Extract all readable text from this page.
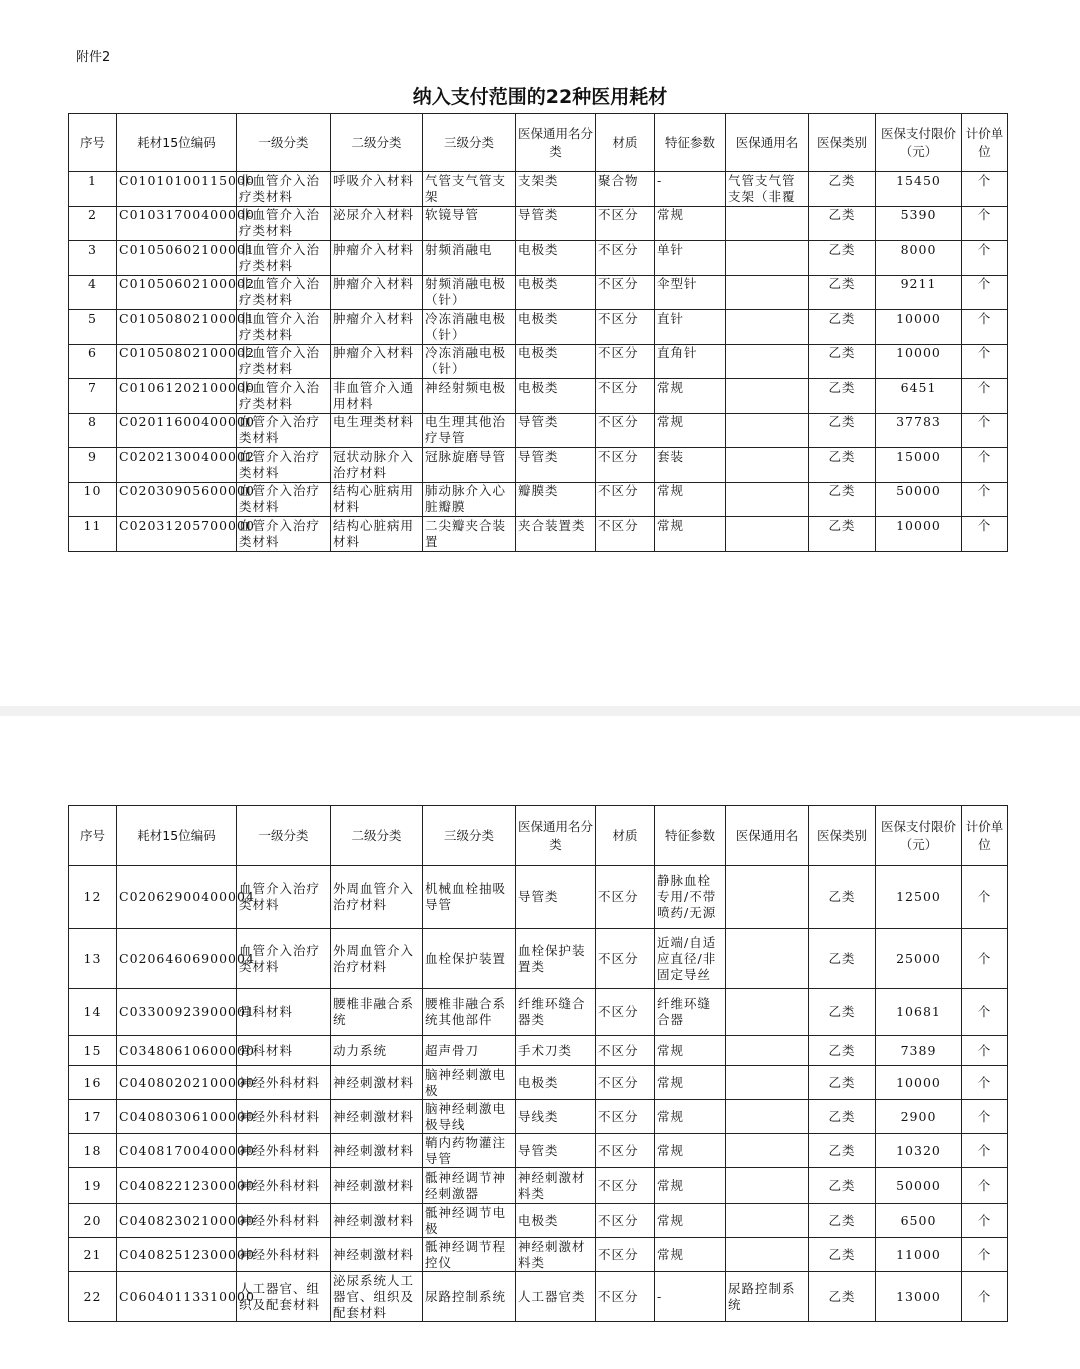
附件2
纳入支付范围的22种医用耗材
序号	耗材15位编码	一级分类	二级分类	三级分类	医保通用名分类	材质	特征参数	医保通用名	医保类别	医保支付限价（元）	计价单位

1	C01010100115000	非血管介入治疗类材料	呼吸介入材料	气管支气管支架	支架类	聚合物	-	气管支气管支架（非覆	乙类	15450	个

2	C01031700400000	非血管介入治疗类材料	泌尿介入材料	软镜导管	导管类	不区分	常规		乙类	5390	个

3	C01050602100001	非血管介入治疗类材料	肿瘤介入材料	射频消融电	电极类	不区分	单针		乙类	8000	个

4	C01050602100002	非血管介入治疗类材料	肿瘤介入材料	射频消融电极（针）	电极类	不区分	伞型针		乙类	9211	个

5	C01050802100001	非血管介入治疗类材料	肿瘤介入材料	冷冻消融电极（针）	电极类	不区分	直针		乙类	10000	个

6	C01050802100002	非血管介入治疗类材料	肿瘤介入材料	冷冻消融电极（针）	电极类	不区分	直角针		乙类	10000	个

7	C01061202100000	非血管介入治疗类材料	非血管介入通用材料	神经射频电极	电极类	不区分	常规		乙类	6451	个

8	C02011600400000	血管介入治疗类材料	电生理类材料	电生理其他治疗导管	导管类	不区分	常规		乙类	37783	个

9	C02021300400002	血管介入治疗类材料	冠状动脉介入治疗材料	冠脉旋磨导管	导管类	不区分	套装		乙类	15000	个

10	C02030905600000	血管介入治疗类材料	结构心脏病用材料	肺动脉介入心脏瓣膜	瓣膜类	不区分	常规		乙类	50000	个

11	C02031205700000	血管介入治疗类材料	结构心脏病用材料	二尖瓣夹合装置	夹合装置类	不区分	常规		乙类	10000	个
序号	耗材15位编码	一级分类	二级分类	三级分类	医保通用名分类	材质	特征参数	医保通用名	医保类别	医保支付限价（元）	计价单位
12	C02062900400004	血管介入治疗类材料	外周血管介入治疗材料	机械血栓抽吸导管	导管类	不区分	静脉血栓专用/不带喷药/无源		乙类	12500	个
13	C02064606900004	血管介入治疗类材料	外周血管介入治疗材料	血栓保护装置	血栓保护装置类	不区分	近端/自适应直径/非固定导丝		乙类	25000	个
14	C03300923900001	骨科材料	腰椎非融合系统	腰椎非融合系统其他部件	纤维环缝合器类	不区分	纤维环缝合器		乙类	10681	个
15	C03480610600000	骨科材料	动力系统	超声骨刀	手术刀类	不区分	常规		乙类	7389	个
16	C04080202100000	神经外科材料	神经刺激材料	脑神经刺激电极	电极类	不区分	常规		乙类	10000	个
17	C04080306100000	神经外科材料	神经刺激材料	脑神经刺激电极导线	导线类	不区分	常规		乙类	2900	个
18	C04081700400000	神经外科材料	神经刺激材料	鞘内药物灌注导管	导管类	不区分	常规		乙类	10320	个
19	C04082212300000	神经外科材料	神经刺激材料	骶神经调节神经刺激器	神经刺激材料类	不区分	常规		乙类	50000	个
20	C04082302100000	神经外科材料	神经刺激材料	骶神经调节电极	电极类	不区分	常规		乙类	6500	个
21	C04082512300000	神经外科材料	神经刺激材料	骶神经调节程控仪	神经刺激材料类	不区分	常规		乙类	11000	个
22	C06040113310000	人工器官、组织及配套材料	泌尿系统人工器官、组织及配套材料	尿路控制系统	人工器官类	不区分	-	尿路控制系统	乙类	13000	个
